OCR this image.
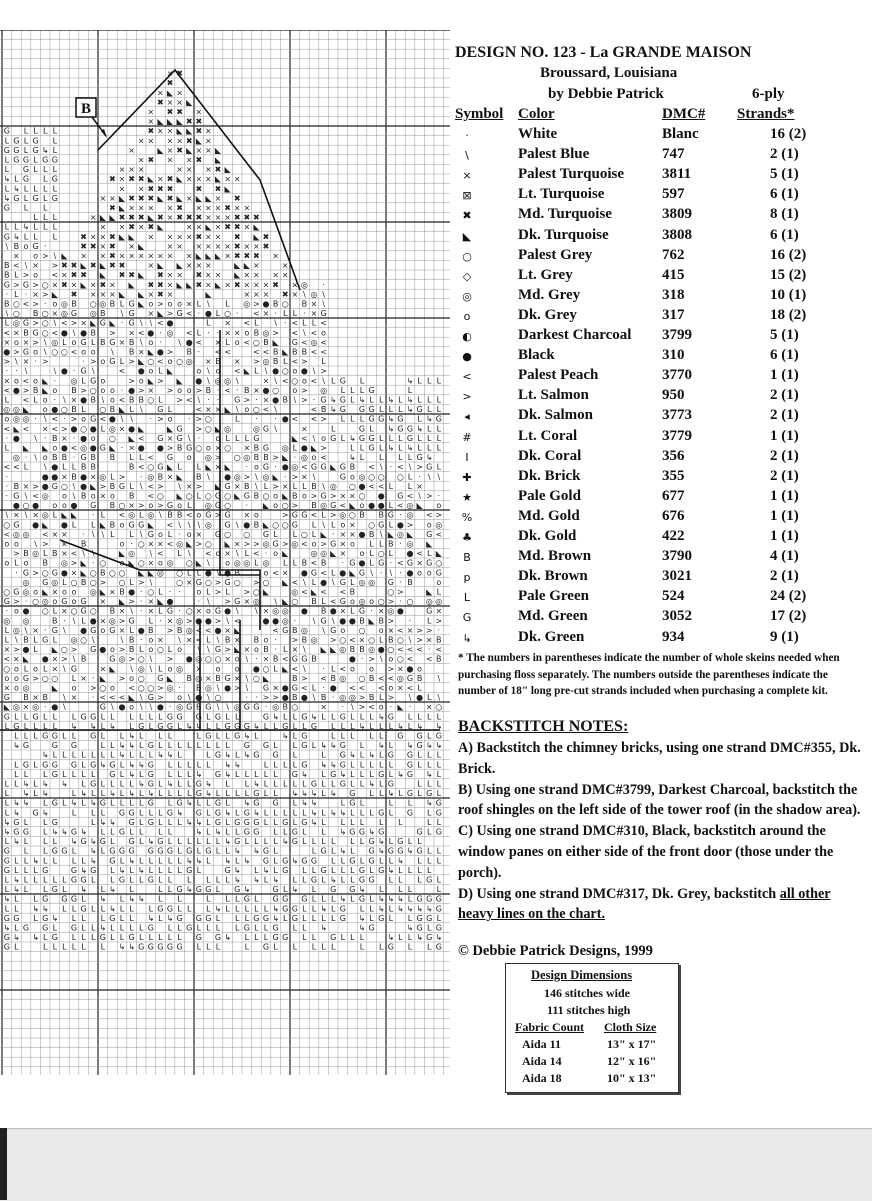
× ✖
✖
× ◣ ×
✖ × × ◣
× ✖ ✖ ×
× ◣ ◣ ◣ ✖ ✖
G L L L L	✖ × × ◣ ◣ ✖ ×
L G L G L	× × × × ✖ ◣ ×
G G L G ↳ L	×	◣ × ✖ ◣ × × ◣
L G G L G G	× ✖ × × ✖ ◣
L G L L L	× × ×	× × × ✖ ◣
↳ L G L G	✖ × ✖ ✖ ◣ × ✖ ◣ × × × ◣ × ×
L ↳ L L L L	× × ✖ ✖ ✖	✖ ✖ ◣
↳ G L G L G	× × ◣ ✖ ✖ ✖ ◣ ✖ ◣ × ◣ ◣ × ✖
G L L	✖ ◣ × × × × ✖ × × × ✖ × ×
L L L	× ◣ ◣ ✖ ✖ ✖ ◣ ✖ × ✖ ✖ ✖ × × × ✖ ✖ ✖
L L ↳ L L L	× × ✖ × ✖ ◣	× × ◣ × ✖ ✖ × ◣
G ↳ L L L	✖ × × ✖ ◣ ◣ × × × × ✖ × × ✖ ◣ ✖
\ B o G ·	✖ ✖ × ✖ × ◣	× × × × × × ✖ × × ✖
× o > \ ◣ × × ✖ × × × × × × × ◣ ◣ ◣ × ✖ ✖ ✖ ×
B < \ × > ✖ ✖ ◣ ✖ ◣ ✖ ✖	× ◣ ◣ × × ×	◣ ◣ ×	×
B L > o < × ✖ ✖ ◣ ✖ ✖ ◣ ✖ × × ✖ × × ◣ × × × ×
G > G > ○ × ✖ × ◣ × ✖ × ◣ ✖ ✖ × ◣ ◣ ✖ × ◣ × ✖ × × × ✖ × ◎ ·
· L · × > ◣ ✖ × × × ◣ ◣ × ✖ ×	◣	× × × ✖ × \ ◎ \
B ○ < > · o ◎ B ○ ◎ B L G ◣ o > o o × L \ L ◎ > ● B ○ B × \
\ ○ B ○ × ◎ G ◎ B \ G × ◣ > G < · ● L ○ · < × · L L · × G
L ◎ G > ○ \ < > × ◣ G ◣ · G \ \ < ●	L × < L \ · < L L <
< × B G ○ < ● \ ● B > × < ● · ◎ < L · · × × o B ◎ > < \ < o
× o × > \ ◎ L o G L B G × B \ o · \ ● < × L o < ○ B ◣ G < ◎ <
● > G o \ ○ ○ < o o \ B × ◣ ● > B · < <	< < B ◣ B B < <
> \ × · >	· > o G L > ◣ ○ < o ○ ◎ × B × > ◎ B L < > L
· · \	\ ● · G \	< ● o L ◣	o \ o < ◣ L \ ● ○ o ● \ >
× o < o ◣ · ◎ L G o	> o ◣ > ◣ ● \ ◎ ◎ \	× \ < ○ o < \ L G L	↳ L L L
< ● > B ◣ o B > ○ o o · ● > × > o o > B · < · B × ● ○ o > ◎ L L L G	L
L < L o · \ × ● B \ o < B B ○ L > < \ · · G > · × ● B \ > · G ↳ G L ↳ L L ↳ L ↳ L L L
◎ ◎ ◣ o ● ○ B L ○ B ◣ L \ G L	< × × ◣ \ o ○ < \	< B ↳ G G G L L L ↳ G L L
o ◎ ◎ · \ < · > o G < ● \ \ · > o · > ○	L · · ● < < > L L L G G ↳ G L ↳ G
< ◣ < × < > ● ○ ● L ◎ × ● ◣	◣ G > ○ ◣ ◎	◎ G \	×	L	G L ↳ G G ↳ L L
· ● \ · B × · ● o ○ ◣ < G × G \ · o L L L G	◣ < \ o G L ↳ G G L L L G L L L
L ◣ ◣ o ● < ◎ ● G ◣ · × ● ● > B G ○ o × ○ × B G ◎ L ● ◣ >	L L G L ↳ L ↳ L L L
◎ · \ o B B · G B B L L < G o ◎ > ○ ◎ B B > ◣ · ◎ o <	↳ L L L L G ↳
< < L \ ● L L B B	B < ○ G ◣ L L ◣ × ◣ · o G · ● ◎ < G G ◣ G B < \ · < \ > G L
·	● ● × B ● × ◎ L > · ◎ B × ◣ B \ ● ◎ > \ ◎ ◣ · > × \	G o ◎ ○ ○ ○ L · \ \
· B × > ● G ○ \ ● ◣ > B G L \ < > \ × > ◣ G × B \ L > × L L B \ ◎ ○ ● < < L L ×
· G \ < ◎ o \ B o × o B < ○ ◣ ○ L ○ G ○ ◣ G B ○ o ◣ B o > G > × × ○ ● G < \ > ·
● ○ ● o o ● G B ○ × > o > G o L ◎ G ○ · ◣ o ○ > B ◎ G < ◣ o ● ● L < ◎ ◣ o
\ × \ × ◎ L ◣ ◣ · L < ◎ L ◎ \ B B < o G > G × o	> G G < L > ◎ ○ B B G · ◎ < >
○ G ● ◣ ● L L ◣ B o G G ◣ < \ \ \ ◎ G \ ● B ◣ ○ ○ G L \ L o × ○ G L ● > o ◎
< ◎ ◎ < × × · \ \ L L \ G o L · o × G ○ ○ G L L ○ L ◣ · × × ● B \ ◣ ◎ ◣ G <
o o \ > × B	o · ○ × × < ◎ ◣ > ○ ◣ × > > ◎ G > ◎ < o > G × o L L B · ◎ ◣
> B ◎ L B × < \ \	◣ ◎ \ < L \ < o × \ L < · o ◣	◎ ◎ ◣ × o L ○ L ● < L ◣
o L o B ◎ > ◣ · ○ o ◣ ○ × o ◎ ○ ◣ \ o ◎ ◎ L ◎ L L B < B · G ● L G · < G × G ○
· G > ○ G ● × ◣ ○ B ○ ○ ◣ ◣ ◎ ○ L L ● \ ● B	o < × ● G < L ● ◣ G \ · \ · ● o o G
◎ G ◎ L ○ B ○ > ○ L > \	○ × G ○ > G ○ > ○ ◣ < \ L ● \ G L ◎ ◎ G · B	o
○ G ◎ o ◣ × o o ◎ ◣ × B ● · ○ L · · o L > L > ○ ◣	◎ < ◣ < < B	○ >	◣ L
G > · ○ ◎ o G o G × ◣ > · × ◣ ●	· \ > G × ◎ \ ◣ ○ B L < G o ◎ o ○ > · ○ ◎ ◎
· o ● ○ L × ○ G ○ B × \ · × L G · ○ × o G ● \ \ × ◎ ◎ ● B ● × L G · × ◎ ●	G ×
◎ ◎	B · \ L ● × ◎ > G L · × ◎ > ● ● > \ <	● ● ◎ · \ G \ ● ● B ◣ B > · L >
L ◎ \ × · G \ ● G o G × L ● B > B ◎ < < ● × ◣	< G B ◎ \ G o ○ o × < × > > ·
L \ B L G L ◎ ○ \	\ B · o × \ × < L \ B × B o · > B ◎ > ○ < × ○ L B ○ \ > × B
× > ● L ◣ ○ > G ● o > B L o ○ L o \ \ G > ◣ × o B · L × \ ◣ ◣ ◎ B B ◎ ● ○ < < < · <
< × ◣ ● × > \ B	G ◎ > ○ \ > ● ◎ ○ ○ × o \ · × B < G G B	● · > \ o ○ < < B
○ o L o L × \ G	× ◣ \ ◎ \ L o ◎ × o o ● ○ L ◣ < \ · L < o o > × ● o
o o G > ○ ○ L × · ◣ > o ○ G ◣ B ◎ × B G × \ ○ ◣	B > < B ◎ ○ B < < ◎ G B \
× o ◎	◣ o > ○ o < ○ ○ > ◎ · B ◎ \ ● > \ G × ● G < L · ● < < < o × < L
G B × B \ × · < < < ◣ \ G > o \ ● \ ○	· · > > ● B ● \ B · ◎ ◎ > B L > \ ● L \
◣ ◎ × ◎ · ● \	G \ ● o \ \ ● · ◎ G B G \ \ ◎ G G · ◎ B ○	× · \ > < o · ◣ · × ○
G L L G L L L G G L L L L L L G G G L G L L	G ↳ L L G ↳ L L G L L L ↳ G L L L L
L G L L L L ↳ ↳ L ↳ L G L G G L ↳ ↳ L L G G G ↳ L L G L L G L L L ↳ L L L ↳ L ↳ ↳
L L L G G L L G L L ↳ L L L	L G L L G ↳ L	↳ L G	L L L L L G G L G
↳ G	G G	L L ↳ ↳ L G L L L L L L L L G G L L G L ↳ ↳ G L ↳ L ↳ G ↳ ↳
↳ L L L L L L L ↳ L L L ↳ ↳ L	L G ↳ L ↳ G G L	L G ↳ L ↳ L G G L L L
L G L G G G L G ↳ G L ↳ ↳ G L L L L L ↳ ↳	L L L L G ↳ ↳ G L L L L L G L L L
L L L G L L L L G L ↳ L G L L L ↳ G ↳ L L L L L G ↳ L G ↳ L L L G L ↳ G ↳ L
L L ↳ L ↳ ↳ L G L L L L ↳ G L ↳ L L G ↳ L L ↳ L L L L L G L L G L L ↳ L G	L L L
L ↳ L ↳	L ↳ L L ↳ L ↳ L ↳ L L L L G ↳ L L L L G L L ↳ ↳ ↳ L ↳ G L L ↳ L G L G L
L ↳ ↳ L G L ↳ L ↳ G L L L L G L G ↳ L L G L ↳ G G L ↳ ↳	L G L	L L ↳ G
L ↳ G ↳	L L L G G L L L G ↳ G L G ↳ L G ↳ L L L L L ↳ L ↳ ↳ L L L G L G L G
↳ G L L G	L ↳ ↳ G L G L L L ↳ ↳ L G L G G G L L G L G ↳ L L L L L L	L L
↳ G G L ↳ ↳ G ↳ L L G L L L L	↳ L ↳ L L G G L L G L L ↳ G G ↳ G	G L G
L ↳ L L L ↳ G ↳ G L G L ↳ G L L L L L L ↳ G L L L L ↳ G L L L L L L G ↳ L G L L
G L L G G L ↳ L G G G G G G L G L G L L ↳ ↳ G L	L G L ↳ L G ↳ G G ↳ G L L
G L L ↳ L L L L ↳ G L ↳ L L L L L ↳ ↳ L ↳ L ↳ G L G ↳ G G L L G L G L L ↳ L L L
G L L L G	G ↳ G L ↳ L ↳ L L L L G L	G ↳ L ↳ L G L L G L L L G L G ↳ L L L L
L ↳ L L L L L G G L L G L L G L L L L L L ↳ ↳ L ↳ L L G L ↳ L L G G L L L G L
L ↳ L L G L ↳ L ↳ L	L L G ↳ G G L G ↳	G L ↳ L G G ↳ L L L	L
↳ L L G G G L ↳ L ↳ ↳ L L	L L L G L G G G L L L ↳ L G L ↳ ↳ ↳ L G G G
L L ↳ ↳ L L G L L ↳ L L L G G L L L ↳ L L L L L ↳ G G L L ↳ L G L L ↳ L ↳ ↳ ↳ ↳ G
G G L G ↳ L L L G L L ↳ L ↳ G G G L L L G G ↳ L G L L L L G ↳ L G L L G G L
↳ L G G L G L L ↳ L L L L G L L G L L L L G L L G L L ↳	↳ G	↳ G L G
G ↳ ↳ L G L L L G L L G L L L L L G G ↳ L L L G G L L G L L L	↳ L L ↳ G ↳
G L	L L L L L L ↳ ↳ G G G G G L L L	L G L L L L L	L L G L L G
B
DESIGN NO. 123 - La GRANDE MAISON
Broussard, Louisiana
by Debbie Patrick	6-ply
Symbol Color	DMC# Strands*
·	White	Blanc	16 (2)
\	Palest Blue	747	2 (1)
×	Palest Turquoise	3811	5 (1)
⊠	Lt. Turquoise	597	6 (1)
✖	Md. Turquoise	3809	8 (1)
◣	Dk. Turquoise	3808	6 (1)
○	Palest Grey	762	16 (2)
◇	Lt. Grey	415	15 (2)
◎	Md. Grey	318	10 (1)
o	Dk. Grey	317	18 (2)
◐	Darkest Charcoal 3799	5 (1)
●	Black	310	6 (1)
<	Palest Peach	3770	1 (1)
>	Lt. Salmon	950	2 (1)
◂	Dk. Salmon	3773	2 (1)
#	Lt. Coral	3779	1 (1)
I	Dk. Coral	356	2 (1)
✚	Dk. Brick	355	2 (1)
★	Pale Gold	677	1 (1)
%	Md. Gold	676	1 (1)
♣	Dk. Gold	422	1 (1)
B	Md. Brown	3790	4 (1)
p	Dk. Brown	3021	2 (1)
L	Pale Green	524	24 (2)
G	Md. Green	3052	17 (2)
↳	Dk. Green	934	9 (1)
* The numbers in parentheses indicate the number of whole skeins needed when purchasing floss separately. The numbers outside the parentheses indicate the number of 18" long pre-cut strands included when purchasing a complete kit.
BACKSTITCH NOTES:

A) Backstitch the chimney bricks, using one strand DMC#355, Dk. Brick.

B) Using one strand DMC#3799, Darkest Charcoal, backstitch the roof shingles on the left side of the tower roof (in the shadow area).

C) Using one strand DMC#310, Black, backstitch around the window panes on either side of the front door (those under the porch).

D) Using one strand DMC#317, Dk. Grey, backstitch all other heavy lines on the chart.

© Debbie Patrick Designs, 1999
Design Dimensions
146 stitches wide
111 stitches high
Fabric Count Cloth Size
Aida 11	13" x 17"
Aida 14	12" x 16"
Aida 18	10" x 13"
